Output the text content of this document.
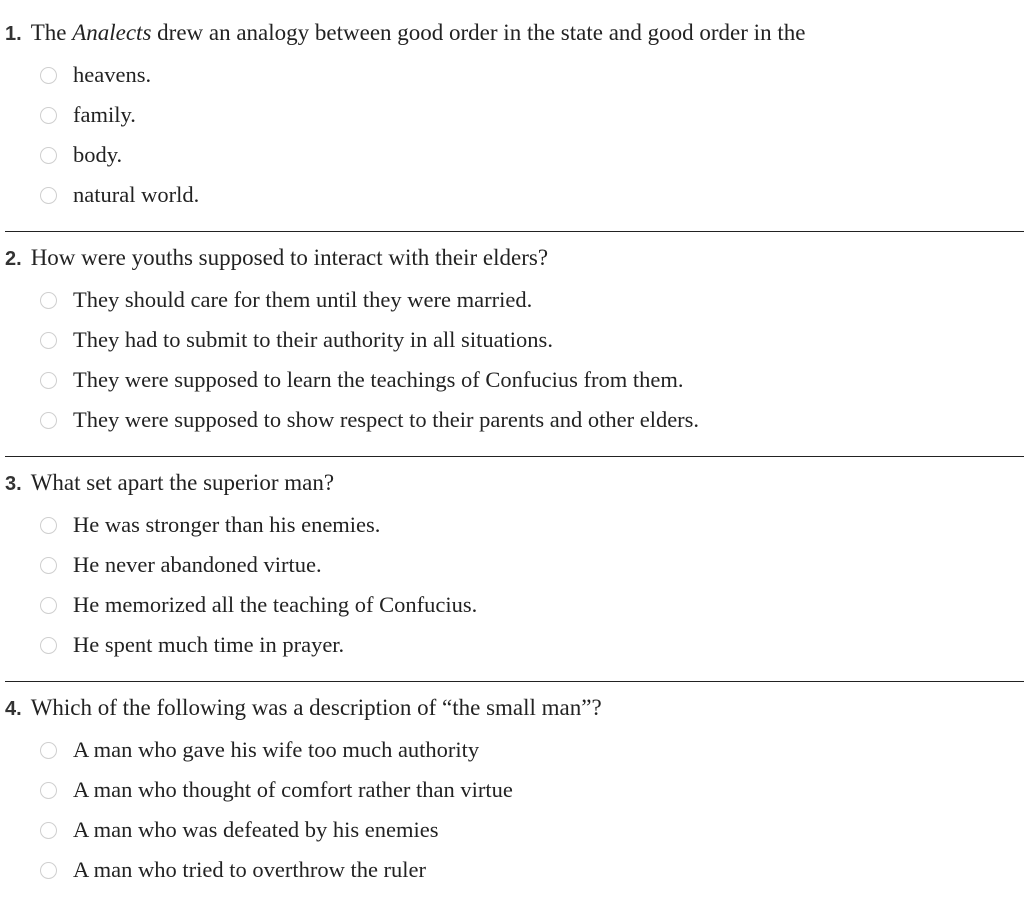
1. The Analects drew an analogy between good order in the state and good order in the
heavens.
family.
body.
natural world.
2. How were youths supposed to interact with their elders?
They should care for them until they were married.
They had to submit to their authority in all situations.
They were supposed to learn the teachings of Confucius from them.
They were supposed to show respect to their parents and other elders.
3. What set apart the superior man?
He was stronger than his enemies.
He never abandoned virtue.
He memorized all the teaching of Confucius.
He spent much time in prayer.
4. Which of the following was a description of “the small man”?
A man who gave his wife too much authority
A man who thought of comfort rather than virtue
A man who was defeated by his enemies
A man who tried to overthrow the ruler
